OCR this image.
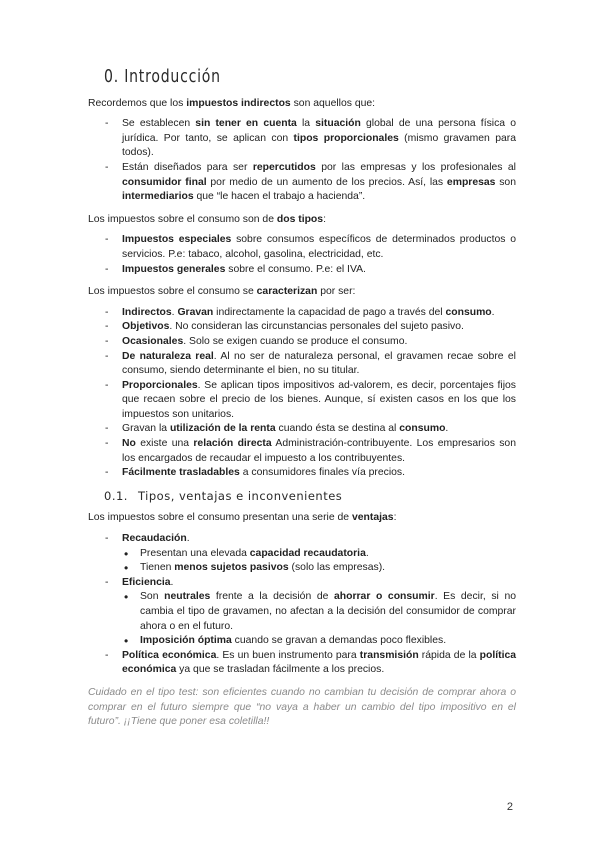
0. Introducción

Recordemos que los impuestos indirectos son aquellos que:

- Se establecen sin tener en cuenta la situación global de una persona física o jurídica. Por tanto, se aplican con tipos proporcionales (mismo gravamen para todos).
- Están diseñados para ser repercutidos por las empresas y los profesionales al consumidor final por medio de un aumento de los precios. Así, las empresas son intermediarios que “le hacen el trabajo a hacienda”.

Los impuestos sobre el consumo son de dos tipos:

- Impuestos especiales sobre consumos específicos de determinados productos o servicios. P.e: tabaco, alcohol, gasolina, electricidad, etc.
- Impuestos generales sobre el consumo. P.e: el IVA.

Los impuestos sobre el consumo se caracterizan por ser:

- Indirectos. Gravan indirectamente la capacidad de pago a través del consumo.
- Objetivos. No consideran las circunstancias personales del sujeto pasivo.
- Ocasionales. Solo se exigen cuando se produce el consumo.
- De naturaleza real. Al no ser de naturaleza personal, el gravamen recae sobre el consumo, siendo determinante el bien, no su titular.
- Proporcionales. Se aplican tipos impositivos ad-valorem, es decir, porcentajes fijos que recaen sobre el precio de los bienes. Aunque, sí existen casos en los que los impuestos son unitarios.
- Gravan la utilización de la renta cuando ésta se destina al consumo.
- No existe una relación directa Administración-contribuyente. Los empresarios son los encargados de recaudar el impuesto a los contribuyentes.
- Fácilmente trasladables a consumidores finales vía precios.
0.1. Tipos, ventajas e inconvenientes

Los impuestos sobre el consumo presentan una serie de ventajas:

- Recaudación.
• Presentan una elevada capacidad recaudatoria.
• Tienen menos sujetos pasivos (solo las empresas).
- Eficiencia.
• Son neutrales frente a la decisión de ahorrar o consumir. Es decir, si no cambia el tipo de gravamen, no afectan a la decisión del consumidor de comprar ahora o en el futuro.
• Imposición óptima cuando se gravan a demandas poco flexibles.
- Política económica. Es un buen instrumento para transmisión rápida de la política económica ya que se trasladan fácilmente a los precios.

Cuidado en el tipo test: son eficientes cuando no cambian tu decisión de comprar ahora o comprar en el futuro siempre que “no vaya a haber un cambio del tipo impositivo en el futuro”. ¡¡Tiene que poner esa coletilla!!

2
